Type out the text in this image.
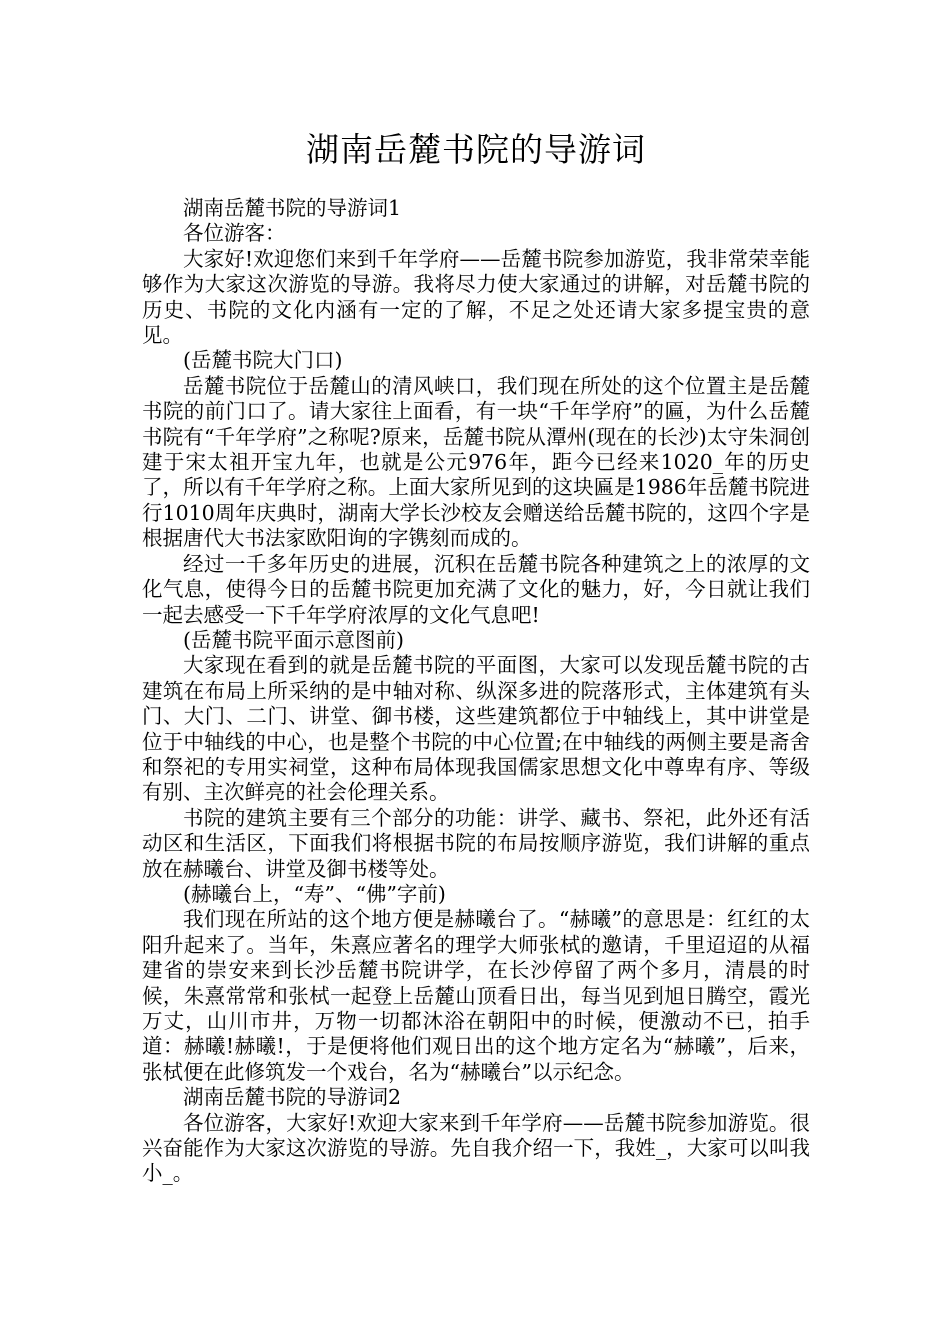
湖南岳麓书院的导游词

湖南岳麓书院的导游词1

各位游客：

大家好!欢迎您们来到千年学府——岳麓书院参加游览，我非常荣幸能够作为大家这次游览的导游。我将尽力使大家通过的讲解，对岳麓书院的历史、书院的文化内涵有一定的了解，不足之处还请大家多提宝贵的意见。

(岳麓书院大门口)

岳麓书院位于岳麓山的清风峡口，我们现在所处的这个位置主是岳麓书院的前门口了。请大家往上面看，有一块“千年学府”的匾，为什么岳麓书院有“千年学府”之称呢?原来，岳麓书院从潭州(现在的长沙)太守朱洞创建于宋太祖开宝九年，也就是公元976年，距今已经来1020_年的历史了，所以有千年学府之称。上面大家所见到的这块匾是1986年岳麓书院进行1010周年庆典时，湖南大学长沙校友会赠送给岳麓书院的，这四个字是根据唐代大书法家欧阳询的字镌刻而成的。

经过一千多年历史的进展，沉积在岳麓书院各种建筑之上的浓厚的文化气息，使得今日的岳麓书院更加充满了文化的魅力，好，今日就让我们一起去感受一下千年学府浓厚的文化气息吧!

(岳麓书院平面示意图前)

大家现在看到的就是岳麓书院的平面图，大家可以发现岳麓书院的古建筑在布局上所采纳的是中轴对称、纵深多进的院落形式，主体建筑有头门、大门、二门、讲堂、御书楼，这些建筑都位于中轴线上，其中讲堂是位于中轴线的中心，也是整个书院的中心位置;在中轴线的两侧主要是斋舍和祭祀的专用实祠堂，这种布局体现我国儒家思想文化中尊卑有序、等级有别、主次鲜亮的社会伦理关系。

书院的建筑主要有三个部分的功能：讲学、藏书、祭祀，此外还有活动区和生活区，下面我们将根据书院的布局按顺序游览，我们讲解的重点放在赫曦台、讲堂及御书楼等处。

(赫曦台上，“寿”、“佛”字前)

我们现在所站的这个地方便是赫曦台了。“赫曦”的意思是：红红的太阳升起来了。当年，朱熹应著名的理学大师张栻的邀请，千里迢迢的从福建省的崇安来到长沙岳麓书院讲学，在长沙停留了两个多月，清晨的时候，朱熹常常和张栻一起登上岳麓山顶看日出，每当见到旭日腾空，霞光万丈，山川市井，万物一切都沐浴在朝阳中的时候，便激动不已，拍手道：赫曦!赫曦!，于是便将他们观日出的这个地方定名为“赫曦”，后来，张栻便在此修筑发一个戏台，名为“赫曦台”以示纪念。

湖南岳麓书院的导游词2

各位游客，大家好!欢迎大家来到千年学府——岳麓书院参加游览。很兴奋能作为大家这次游览的导游。先自我介绍一下，我姓_，大家可以叫我小_。
